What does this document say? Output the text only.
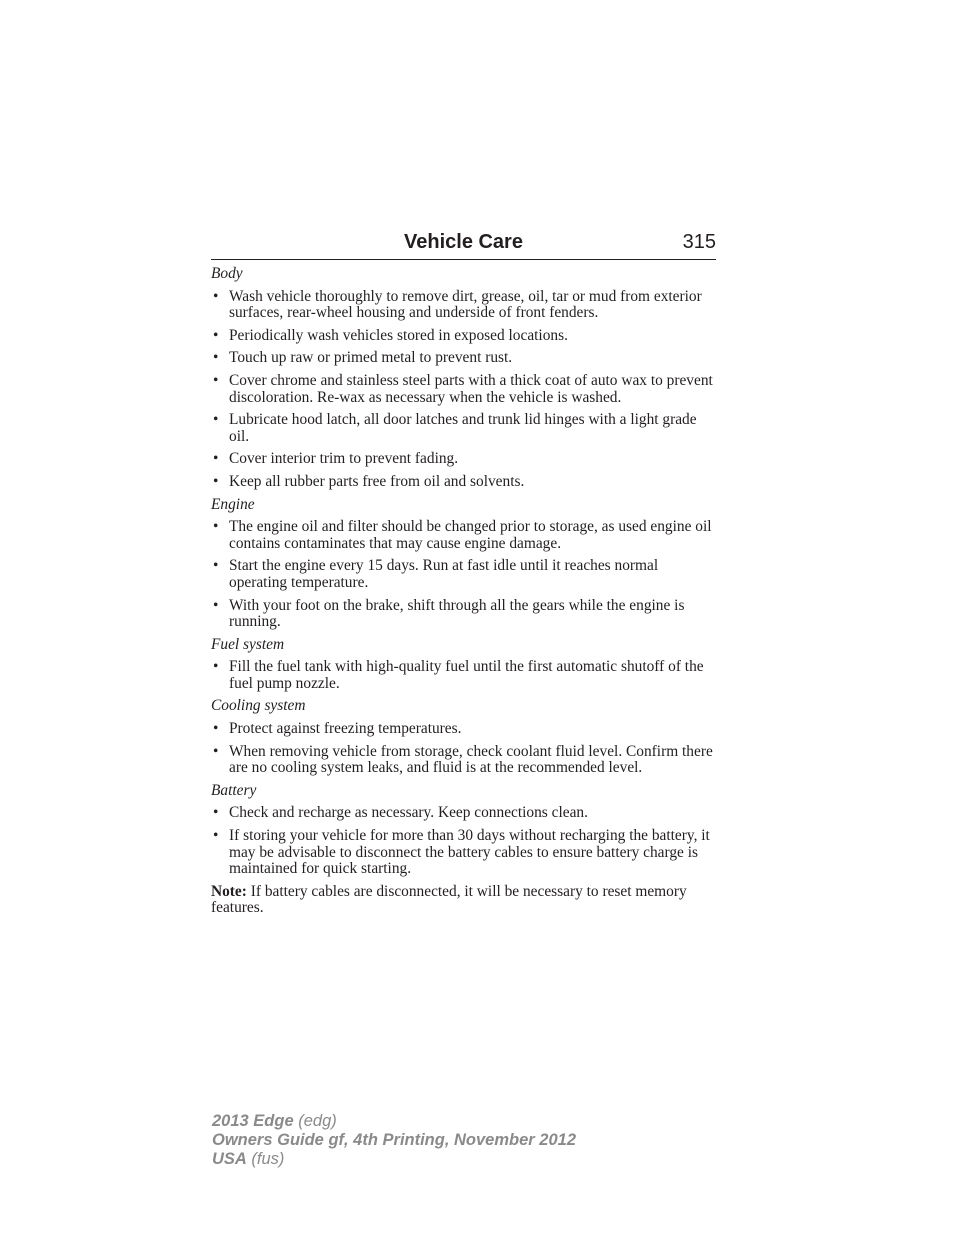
Vehicle Care	315
Body
• Wash vehicle thoroughly to remove dirt, grease, oil, tar or mud from exterior surfaces, rear-wheel housing and underside of front fenders.
• Periodically wash vehicles stored in exposed locations.
• Touch up raw or primed metal to prevent rust.
• Cover chrome and stainless steel parts with a thick coat of auto wax to prevent discoloration. Re-wax as necessary when the vehicle is washed.
• Lubricate hood latch, all door latches and trunk lid hinges with a light grade oil.
• Cover interior trim to prevent fading.
• Keep all rubber parts free from oil and solvents.
Engine
• The engine oil and filter should be changed prior to storage, as used engine oil contains contaminates that may cause engine damage.
• Start the engine every 15 days. Run at fast idle until it reaches normal operating temperature.
• With your foot on the brake, shift through all the gears while the engine is running.
Fuel system
• Fill the fuel tank with high-quality fuel until the first automatic shutoff of the fuel pump nozzle.
Cooling system
• Protect against freezing temperatures.
• When removing vehicle from storage, check coolant fluid level. Confirm there are no cooling system leaks, and fluid is at the recommended level.
Battery
• Check and recharge as necessary. Keep connections clean.
• If storing your vehicle for more than 30 days without recharging the battery, it may be advisable to disconnect the battery cables to ensure battery charge is maintained for quick starting.

Note: If battery cables are disconnected, it will be necessary to reset memory features.

2013 Edge (edg)
Owners Guide gf, 4th Printing, November 2012
USA (fus)
